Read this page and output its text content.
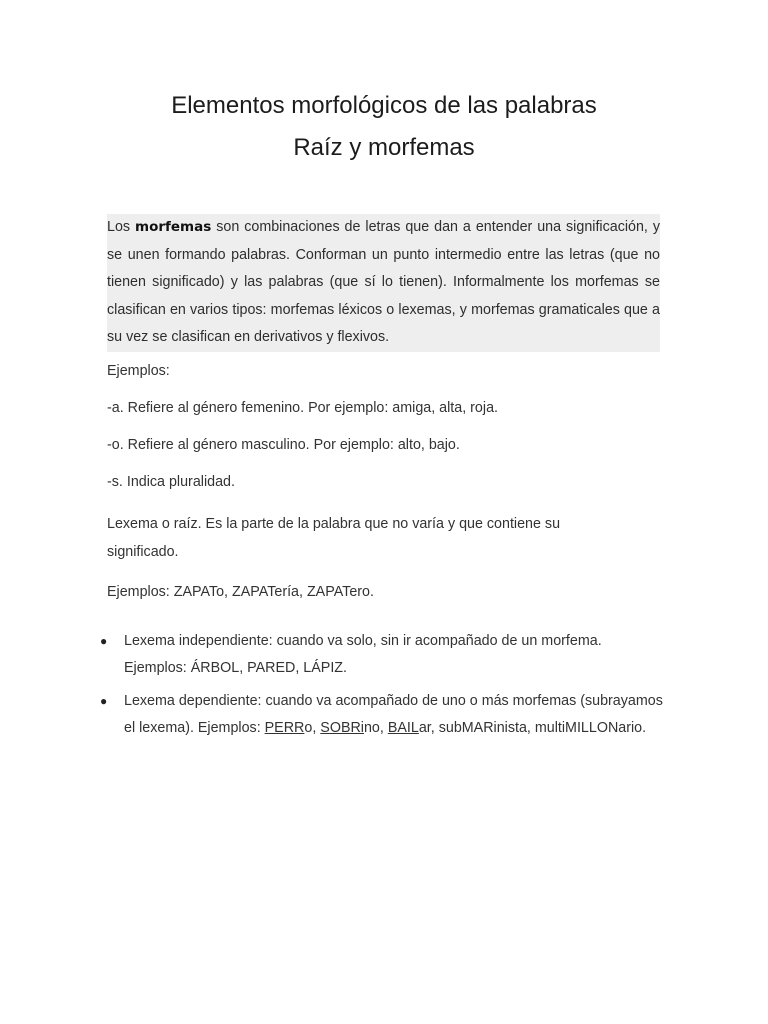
Elementos morfológicos de las palabras
Raíz y morfemas

Los morfemas son combinaciones de letras que dan a entender una significación, y se unen formando palabras. Conforman un punto intermedio entre las letras (que no tienen significado) y las palabras (que sí lo tienen). Informalmente los morfemas se clasifican en varios tipos: morfemas léxicos o lexemas, y morfemas gramaticales que a su vez se clasifican en derivativos y flexivos.

Ejemplos:

-a. Refiere al género femenino. Por ejemplo: amiga, alta, roja.

-o. Refiere al género masculino. Por ejemplo: alto, bajo.

-s. Indica pluralidad.

Lexema o raíz. Es la parte de la palabra que no varía y que contiene su significado.

Ejemplos: ZAPATo, ZAPATería, ZAPATero.

● Lexema independiente: cuando va solo, sin ir acompañado de un morfema. Ejemplos: ÁRBOL, PARED, LÁPIZ.

● Lexema dependiente: cuando va acompañado de uno o más morfemas (subrayamos el lexema). Ejemplos: PERRo, SOBRino, BAILar, subMARinista, multiMILLONario.
